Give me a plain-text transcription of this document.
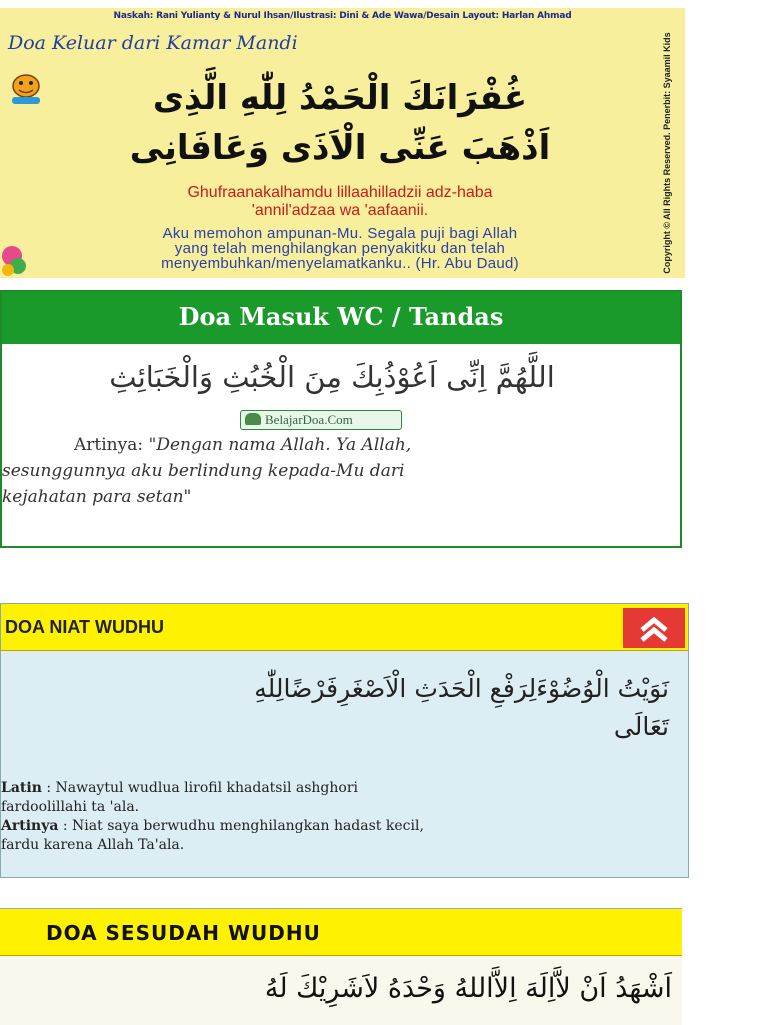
Naskah: Rani Yulianty & Nurul Ihsan/Ilustrasi: Dini & Ade Wawa/Desain Layout: Harlan Ahmad
Doa Keluar dari Kamar Mandi
غُفْرَانَكَ الْحَمْدُ لِلّٰهِ الَّذِى
اَذْهَبَ عَنِّى الْاَذَى وَعَافَانِى
Ghufraanakalhamdu lillaahilladzii adz-haba
'annil'adzaa wa 'aafaanii.
Aku memohon ampunan-Mu. Segala puji bagi Allah
yang telah menghilangkan penyakitku dan telah
menyembuhkan/menyelamatkanku.. (Hr. Abu Daud)	Copyright © All Rights Reserved. Penerbit: Syaamil Kids
Doa Masuk WC / Tandas
اللَّهُمَّ اِنِّى اَعُوْذُبِكَ مِنَ الْخُبُثِ وَالْخَبَائِثِ
BelajarDoa.Com
Artinya: "Dengan nama Allah. Ya Allah,
sesunggunnya aku berlindung kepada-Mu dari
kejahatan para setan"
DOA NIAT WUDHU
نَوَيْتُ الْوُضُوْءَلِرَفْعِ الْحَدَثِ الْاَصْغَرِفَرْضًالِلّٰهِ
تَعَالَى
Latin : Nawaytul wudlua lirofil khadatsil ashghori
fardoolillahi ta 'ala.
Artinya : Niat saya berwudhu menghilangkan hadast kecil,
fardu karena Allah Ta'ala.
DOA SESUDAH WUDHU
اَشْهَدُ اَنْ لاَّاِلَهَ اِلاَّاللهُ وَحْدَهُ لاَشَرِيْكَ لَهُ
